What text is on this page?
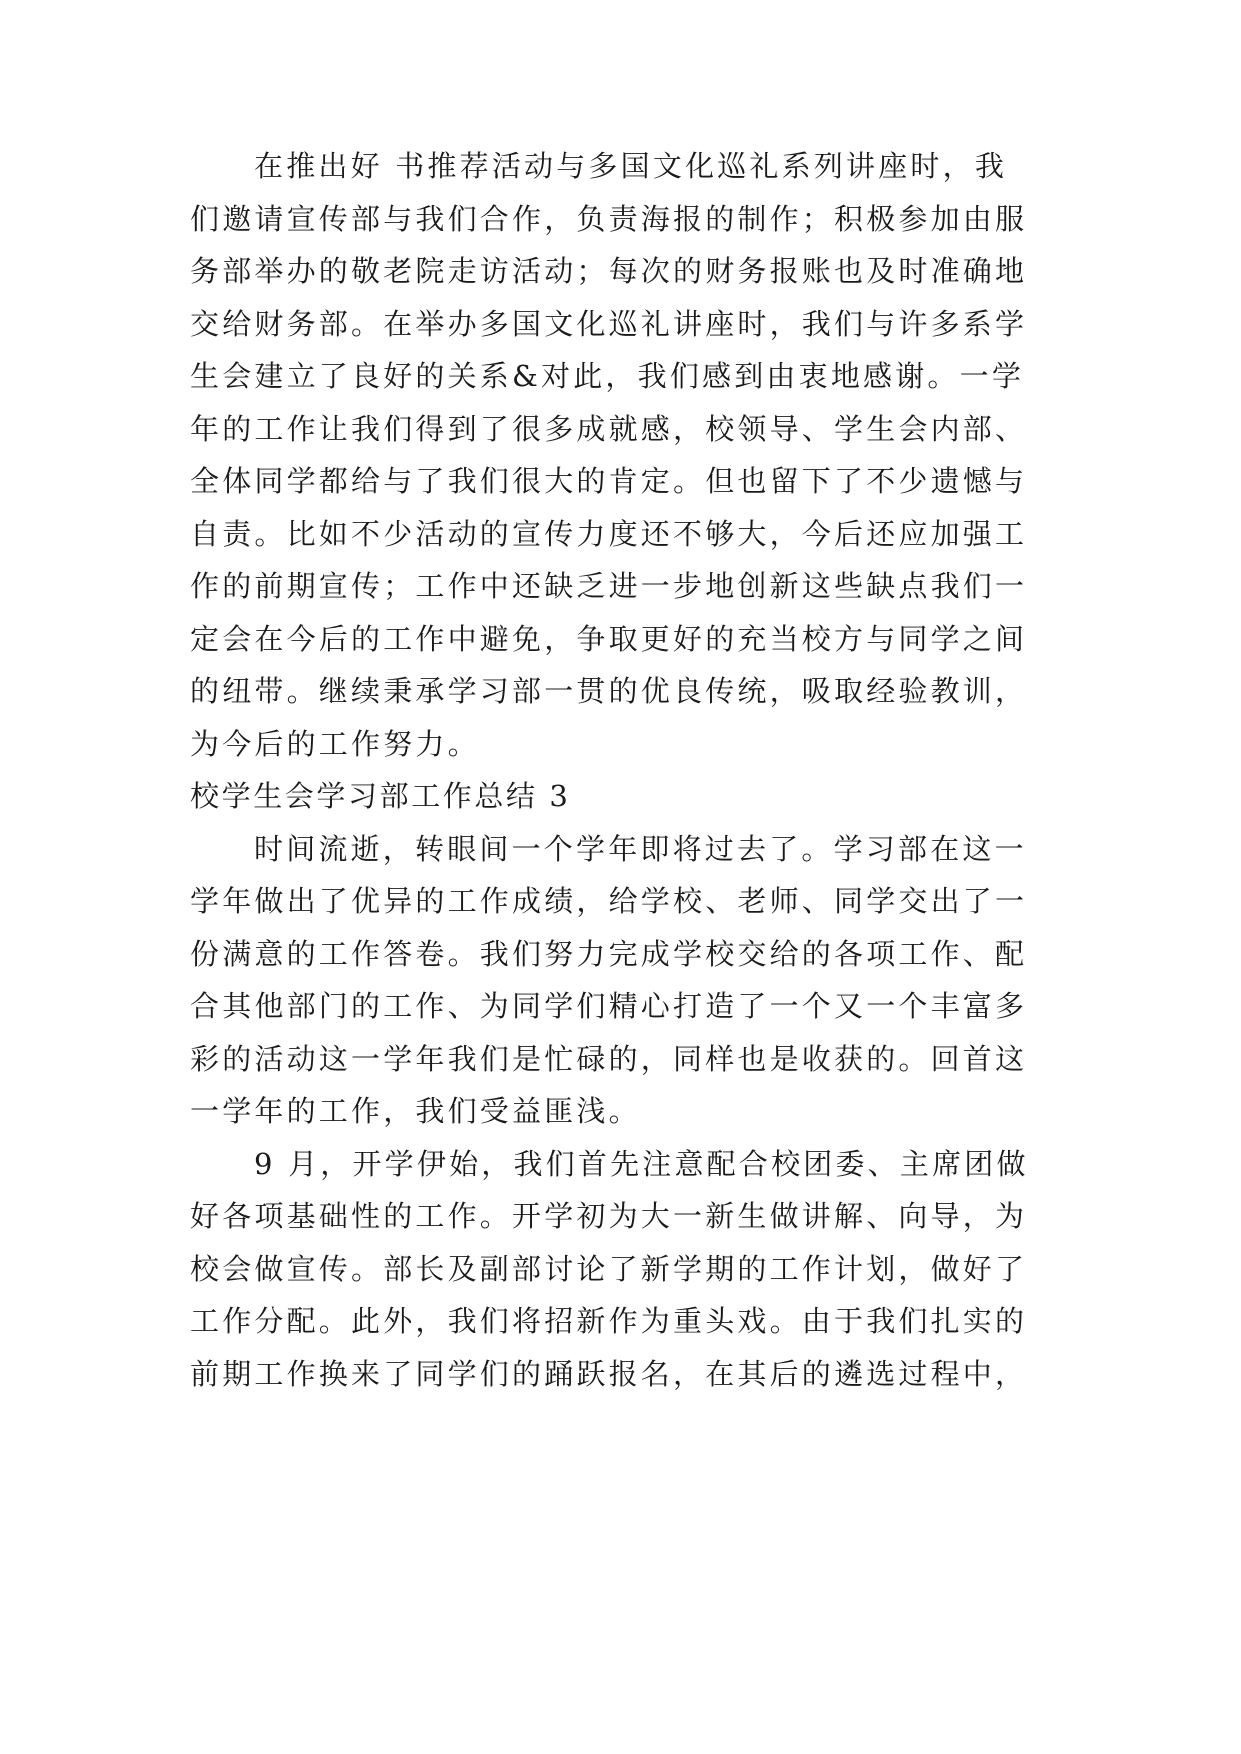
在推出好 书推荐活动与多国文化巡礼系列讲座时，我
们邀请宣传部与我们合作，负责海报的制作；积极参加由服
务部举办的敬老院走访活动；每次的财务报账也及时准确地
交给财务部。在举办多国文化巡礼讲座时，我们与许多系学
生会建立了良好的关系&对此，我们感到由衷地感谢。一学
年的工作让我们得到了很多成就感，校领导、学生会内部、
全体同学都给与了我们很大的肯定。但也留下了不少遗憾与
自责。比如不少活动的宣传力度还不够大，今后还应加强工
作的前期宣传；工作中还缺乏进一步地创新这些缺点我们一
定会在今后的工作中避免，争取更好的充当校方与同学之间
的纽带。继续秉承学习部一贯的优良传统，吸取经验教训，
为今后的工作努力。
校学生会学习部工作总结 3
时间流逝，转眼间一个学年即将过去了。学习部在这一
学年做出了优异的工作成绩，给学校、老师、同学交出了一
份满意的工作答卷。我们努力完成学校交给的各项工作、配
合其他部门的工作、为同学们精心打造了一个又一个丰富多
彩的活动这一学年我们是忙碌的，同样也是收获的。回首这
一学年的工作，我们受益匪浅。
9 月，开学伊始，我们首先注意配合校团委、主席团做
好各项基础性的工作。开学初为大一新生做讲解、向导，为
校会做宣传。部长及副部讨论了新学期的工作计划，做好了
工作分配。此外，我们将招新作为重头戏。由于我们扎实的
前期工作换来了同学们的踊跃报名，在其后的遴选过程中，
